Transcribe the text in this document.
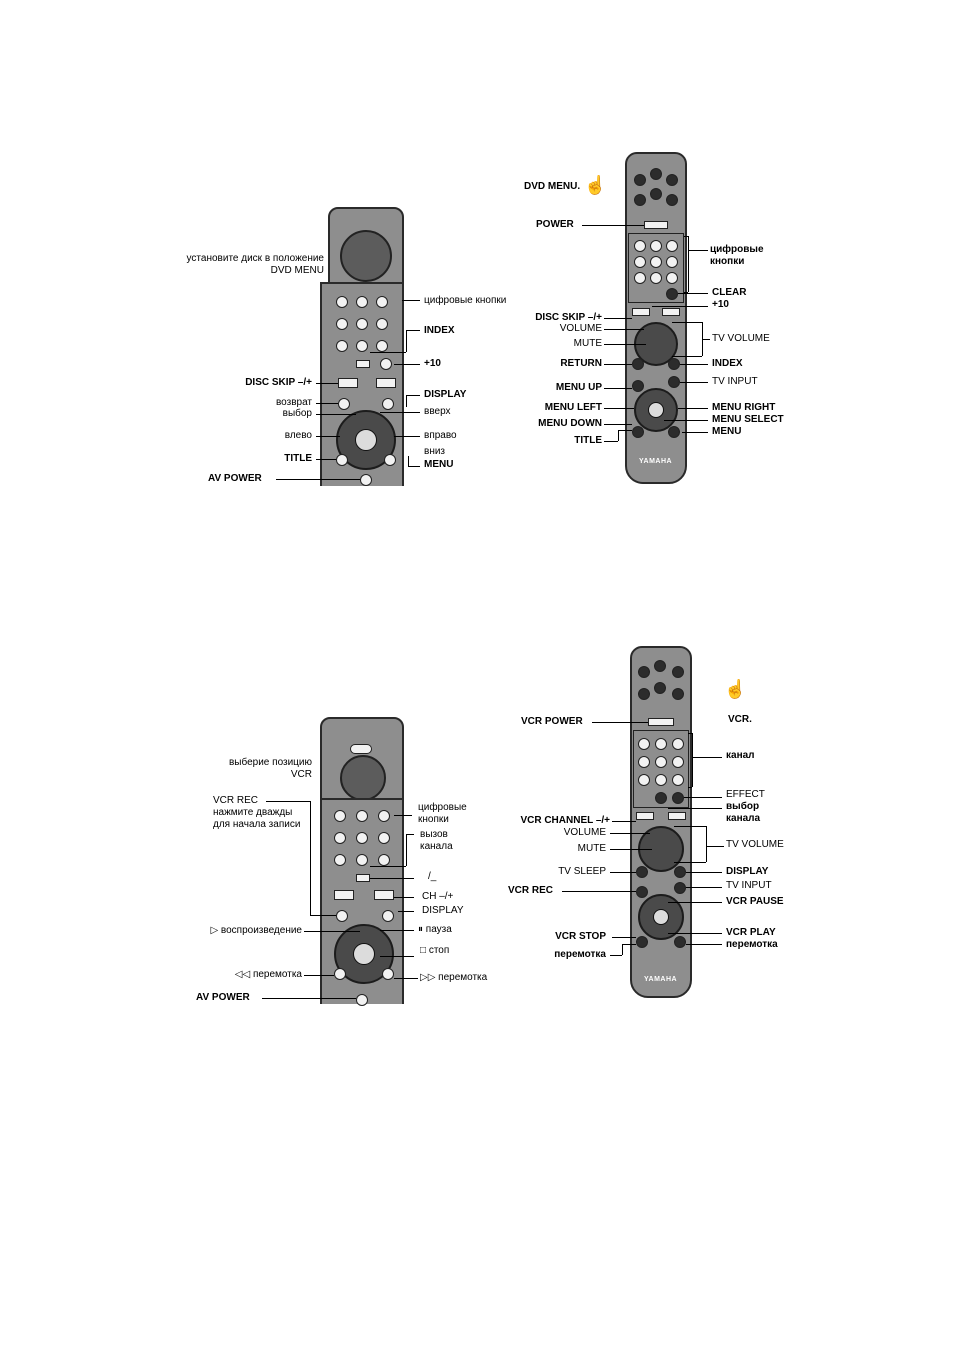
установите диск в положение
DVD MENU
цифровые кнопки
INDEX
+10
DISC SKIP –/+
DISPLAY
возврат
вверх
выбор
влево	вправо
вниз
TITLE
MENU
AV POWER
YAMAHA
DVD MENU. ☝
POWER
цифровые
кнопки
CLEAR
+10
DISC SKIP –/+
VOLUME
TV VOLUME
MUTE
RETURN	INDEX
TV INPUT
MENU UP
MENU LEFT	MENU RIGHT
MENU SELECT
MENU DOWN
MENU
TITLE
выберие позицию
VCR
VCR REC
нажмите дважды
для начала записи
цифровые
кнопки
вызов
канала
/_
CH –/+
DISPLAY
▷ воспроизведение	⏸ пауза
□ стоп
◁◁ перемотка	▷▷ перемотка
AV POWER
YAMAHA
☝
VCR.
VCR POWER
канал
EFFECT
выбор
канала
VCR CHANNEL –/+
VOLUME
TV VOLUME
MUTE
TV SLEEP	DISPLAY
VCR REC	TV INPUT
VCR PAUSE
VCR PLAY
VCR STOP
перемотка
перемотка
